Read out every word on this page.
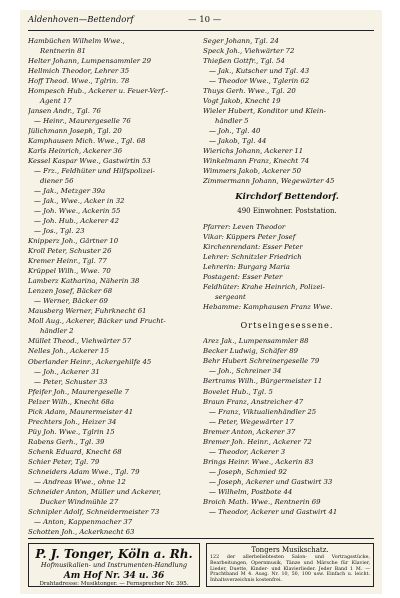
Aldenhoven—Bettendorf	— 10 —
Hambüchen Wilhelm Wwe.,
Rentnerin 81
Helter Johann, Lumpensammler 29
Hellmich Theodor, Lehrer 35
Hoff Theod. Wwe., Tglrin. 78
Hompesch Hub., Ackerer u. Feuer-Verf.-
Agent 17
Jansen Andr., Tgl. 76
— Heinr., Maurergeselle 76
Jülichmann Joseph, Tgl. 20
Kamphausen Mich. Wwe., Tgl. 68
Karls Heinrich, Ackerer 36
Kessel Kaspar Wwe., Gastwirtin 53
— Frz., Feldhüter und Hilfspolizei-
diener 56
— Jak., Metzger 39a
— Jak., Wwe., Acker in 32
— Joh. Wwe., Ackerin 55
— Joh. Hub., Ackerer 42
— Jos., Tgl. 23
Knipperz Joh., Gärtner 10
Kroll Peter, Schuster 26
Kremer Heinr., Tgl. 77
Krüppel Wilh., Wwe. 70
Lamberz Katharina, Näherin 38
Lenzen Josef, Bäcker 68
— Werner, Bäcker 69
Mausberg Werner, Fuhrknecht 61
Moll Aug., Ackerer, Bäcker und Frucht-
händler 2
Müllet Theod., Viehwärter 57
Nelles Joh., Ackerer 15
Oberlander Heinr., Ackergehilfe 45
— Joh., Ackerer 31
— Peter, Schuster 33
Pfeifer Joh., Maurergeselle 7
Pelzer Wilh., Knecht 68a
Pick Adam, Maurermeister 41
Prechters Joh., Heizer 34
Püy Joh. Wwe., Tglrin 15
Rabens Gerh., Tgl. 39
Schenk Eduard, Knecht 68
Schier Peter, Tgl. 79
Schneiders Adam Wwe., Tgl. 79
— Andreas Wwe., ohne 12
Schneider Anton, Müller und Ackerer,
Ducker Windmühle 27
Schnipler Adolf, Schneidermeister 73
— Anton, Kappenmacher 37
Schotten Joh., Ackerknecht 63
Seger Johann, Tgl. 24
Speck Joh., Viehwärter 72
Thießen Gottfr., Tgl. 54
— Jak., Kutscher und Tgl. 43
— Theodor Wwe., Tglerin 62
Thuys Gerh. Wwe., Tgl. 20
Vogt Jakob, Knecht 19
Wieler Hubert, Konditor und Klein-
händler 5
— Joh., Tgl. 40
— Jakob, Tgl. 44
Wierichs Johann, Ackerer 11
Winkelmann Franz, Knecht 74
Wimmers Jakob, Ackerer 50
Zimmermann Johann, Wegewärter 45
Kirchdorf Bettendorf.
490 Einwohner. Poststation.
Pfarrer: Leven Theodor
Vikar: Küppers Peter Josef
Kirchenrendant: Esser Peter
Lehrer: Schnitzler Friedrich
Lehrerin: Burgarg Maria
Postagent: Esser Peter
Feldhüter: Krahe Heinrich, Polizei-
sergeant
Hebamme: Kamphausen Franz Wwe.
Ortseingesessene.
Arez Jak., Lumpensammler 88
Becker Ludwig, Schäfer 89
Behr Hubert Schreinergeselle 79
— Joh., Schreiner 34
Bertrams Wilh., Bürgermeister 11
Bovelet Hub., Tgl. 5
Braun Franz, Anstreicher 47
— Franz, Viktualienhändler 25
— Peter, Wegewärter 17
Bremer Anton, Ackerer 37
Bremer Joh. Heinr., Ackerer 72
— Theodor, Ackerer 3
Brings Heinr. Wwe., Ackerin 83
— Joseph, Schmied 92
— Joseph, Ackerer und Gastwirt 33
— Wilhelm, Postbote 44
Broich Math. Wwe., Rentnerin 69
— Theodor, Ackerer und Gastwirt 41
P. J. Tonger, Köln a. Rh.
Hofmusikalien- und Instrumenten-Handlung
Am Hof Nr. 34 u. 36
Drahtadresse: Musiktonger. — Fernsprecher Nr. 395.
Tongers Musikschatz.
122 der allerbeliebtesten Salon- und Vortragsstücke, Bearbeitungen, Opernmusik, Tänze und Märsche für Klavier, Lieder, Duette, Kinder- und Klavierlieder. Jeder Band 1 M. — Prachtband M 4. Ausg. Nr. 10, 50, 100 usw. Einfach u. leicht. Inhaltsverzeichnis kostenfrei.
